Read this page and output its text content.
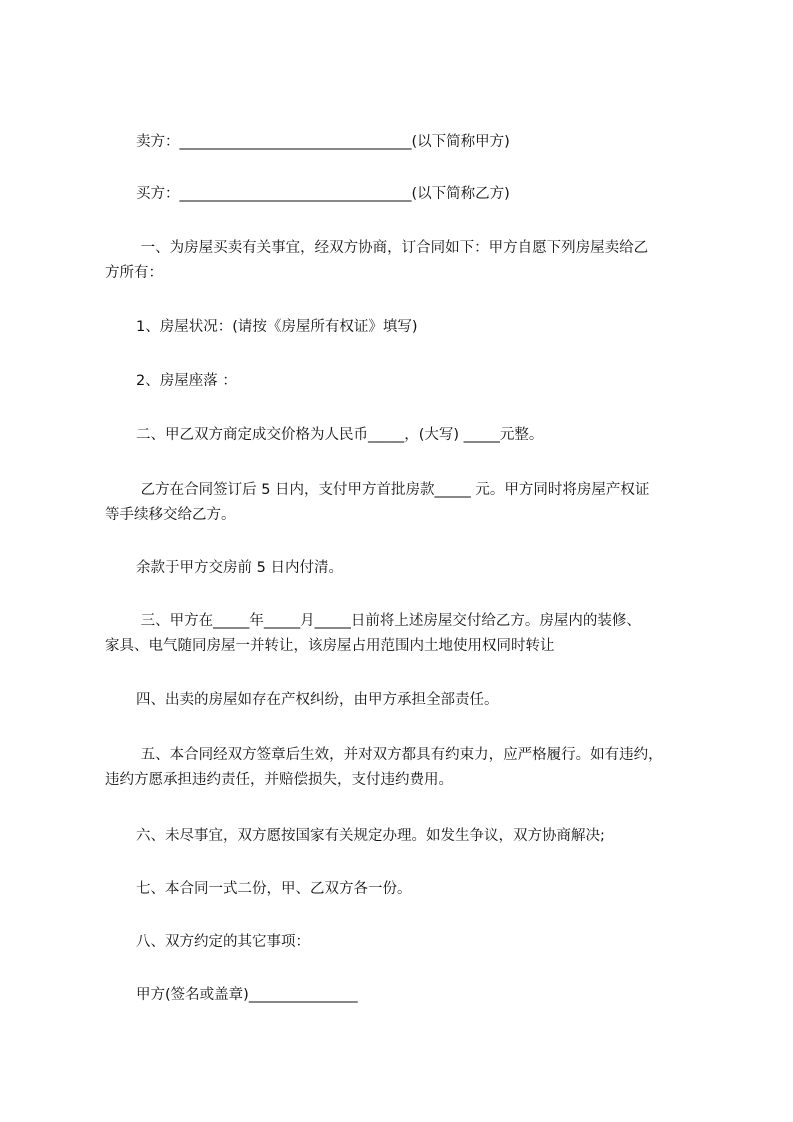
卖方：________________________________(以下简称甲方)
买方：________________________________(以下简称乙方)
一、为房屋买卖有关事宜，经双方协商，订合同如下：甲方自愿下列房屋卖给乙
方所有：
1、房屋状况：(请按《房屋所有权证》填写)
2、房屋座落 ：
二、甲乙双方商定成交价格为人民币_____，(大写) _____元整。
乙方在合同签订后 5 日内，支付甲方首批房款_____ 元。甲方同时将房屋产权证
等手续移交给乙方。
余款于甲方交房前 5 日内付清。
三、甲方在_____年_____月_____日前将上述房屋交付给乙方。房屋内的装修、
家具、电气随同房屋一并转让，该房屋占用范围内土地使用权同时转让
四、出卖的房屋如存在产权纠纷，由甲方承担全部责任。
五、本合同经双方签章后生效，并对双方都具有约束力，应严格履行。如有违约，
违约方愿承担违约责任，并赔偿损失，支付违约费用。
六、未尽事宜，双方愿按国家有关规定办理。如发生争议，双方协商解决;
七、本合同一式二份，甲、乙双方各一份。
八、双方约定的其它事项：
甲方(签名或盖章)_______________
